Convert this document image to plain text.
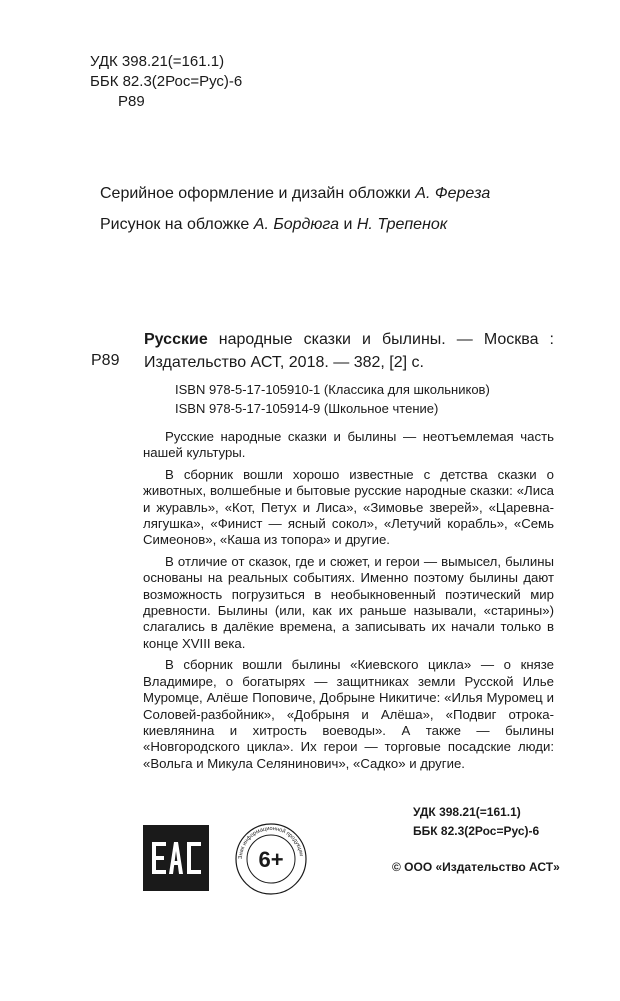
УДК 398.21(=161.1)
ББК 82.3(2Рос=Рус)-6
Р89
Серийное оформление и дизайн обложки А. Фереза
Рисунок на обложке А. Бордюга и Н. Трепенок
Р89
Русские народные сказки и былины. — Москва : Издательство АСТ, 2018. — 382, [2] с.
ISBN 978-5-17-105910-1 (Классика для школьников)
ISBN 978-5-17-105914-9 (Школьное чтение)

Русские народные сказки и былины — неотъемлемая часть нашей культуры.

В сборник вошли хорошо известные с детства сказки о животных, волшебные и бытовые русские народные сказки: «Лиса и журавль», «Кот, Петух и Лиса», «Зимовье зверей», «Царевна-лягушка», «Финист — ясный сокол», «Летучий корабль», «Семь Симеонов», «Каша из топора» и другие.

В отличие от сказок, где и сюжет, и герои — вымысел, былины основаны на реальных событиях. Именно поэтому былины дают возможность погрузиться в необыкновенный поэтический мир древности. Былины (или, как их раньше называли, «старины») слагались в далёкие времена, а записывать их начали только в конце XVIII века.

В сборник вошли былины «Киевского цикла» — о князе Владимире, о богатырях — защитниках земли Русской Илье Муромце, Алёше Поповиче, Добрыне Никитиче: «Илья Муромец и Соловей-разбойник», «Добрыня и Алёша», «Подвиг отрока-киевлянина и хитрость воеводы». А также — былины «Новгородского цикла». Их герои — торговые посадские люди: «Вольга и Микула Селянинович», «Садко» и другие.

УДК 398.21(=161.1)
ББК 82.3(2Рос=Рус)-6
Знак информационной продукции
6+	© ООО «Издательство АСТ»
